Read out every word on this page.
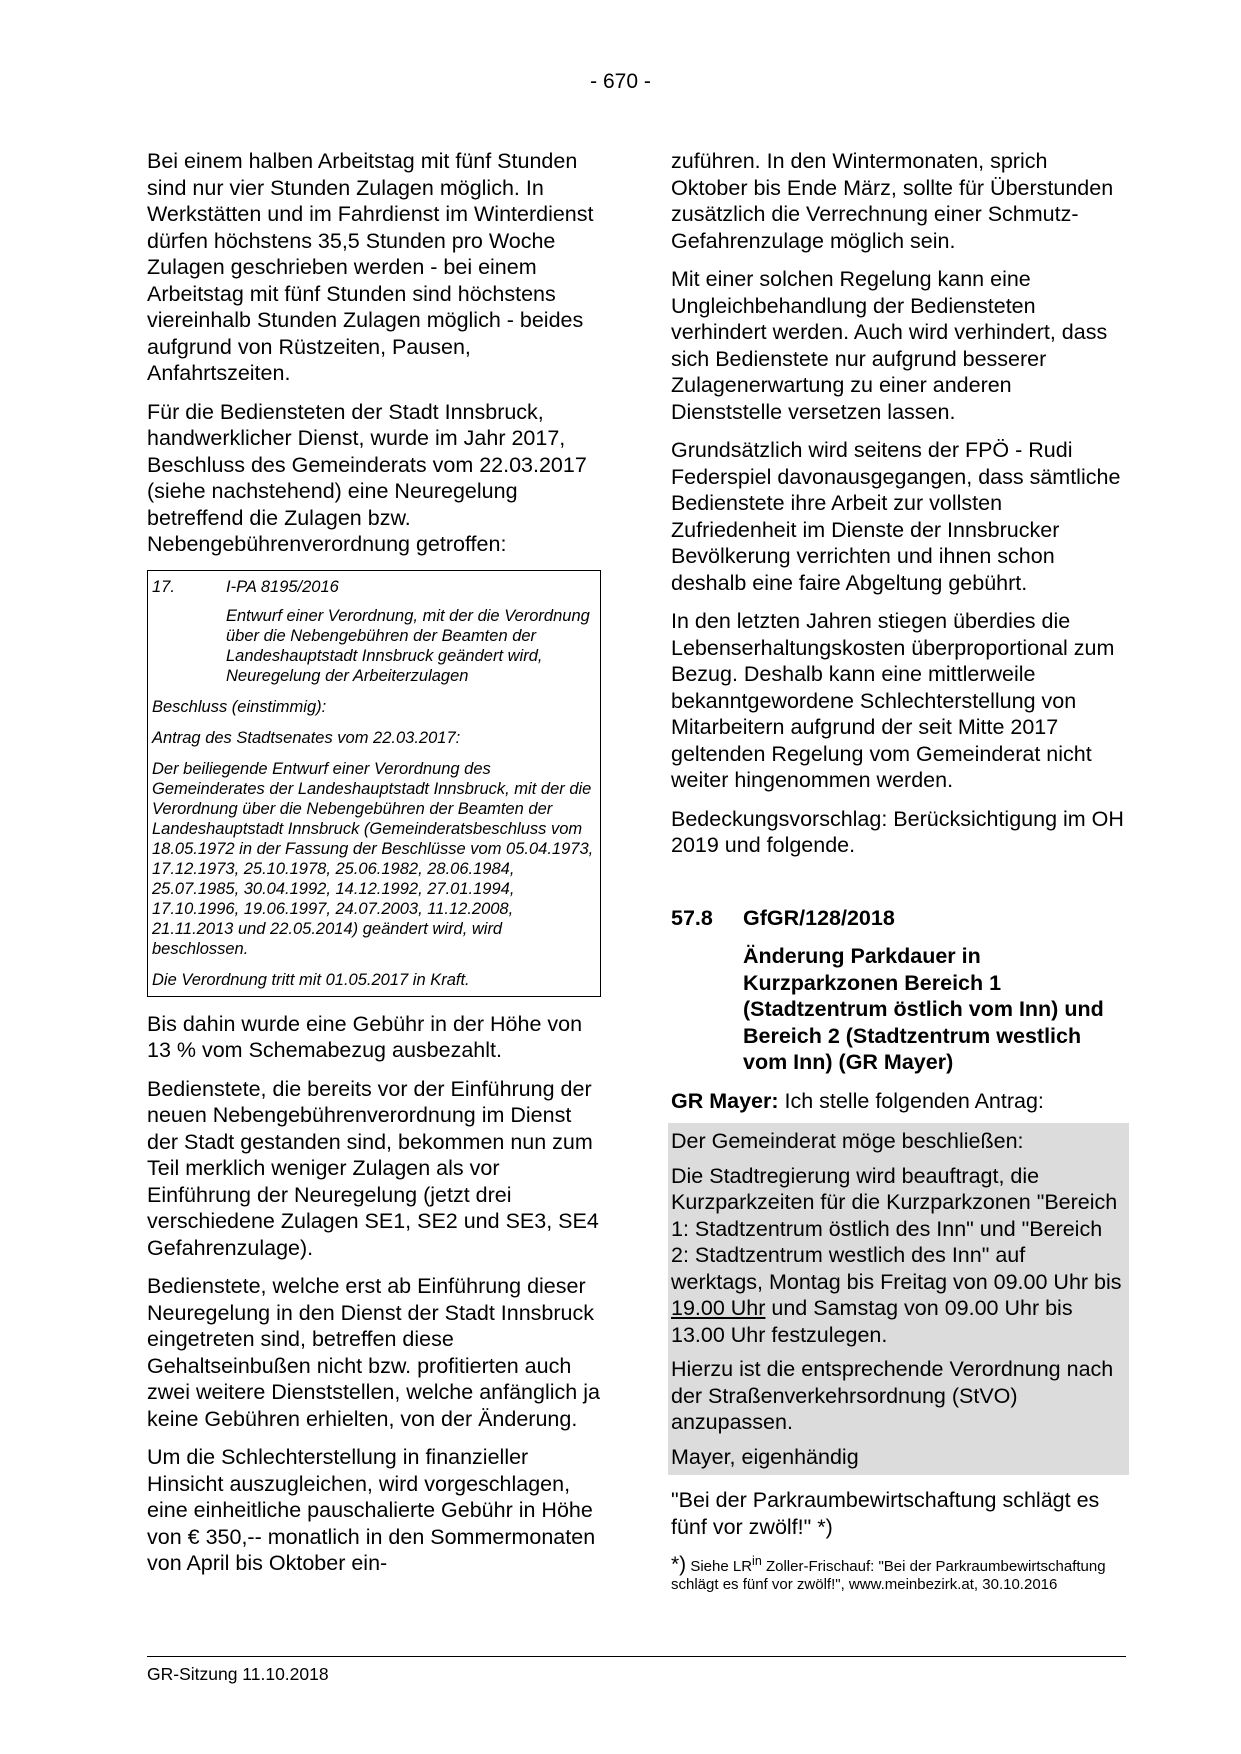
- 670 -

Bei einem halben Arbeitstag mit fünf Stunden sind nur vier Stunden Zulagen möglich. In Werkstätten und im Fahrdienst im Winterdienst dürfen höchstens 35,5 Stunden pro Woche Zulagen geschrieben werden - bei einem Arbeitstag mit fünf Stunden sind höchstens viereinhalb Stunden Zulagen möglich - beides aufgrund von Rüstzeiten, Pausen, Anfahrtszeiten.

Für die Bediensteten der Stadt Innsbruck, handwerklicher Dienst, wurde im Jahr 2017, Beschluss des Gemeinderats vom 22.03.2017 (siehe nachstehend) eine Neuregelung betreffend die Zulagen bzw. Nebengebührenverordnung getroffen:

17.	I-PA 8195/2016

Entwurf einer Verordnung, mit der die Verordnung über die Nebengebühren der Beamten der Landeshauptstadt Innsbruck geändert wird, Neuregelung der Arbeiterzulagen

Beschluss (einstimmig):

Antrag des Stadtsenates vom 22.03.2017:

Der beiliegende Entwurf einer Verordnung des Gemeinderates der Landeshauptstadt Innsbruck, mit der die Verordnung über die Nebengebühren der Beamten der Landeshauptstadt Innsbruck (Gemeinderatsbeschluss vom 18.05.1972 in der Fassung der Beschlüsse vom 05.04.1973, 17.12.1973, 25.10.1978, 25.06.1982, 28.06.1984, 25.07.1985, 30.04.1992, 14.12.1992, 27.01.1994, 17.10.1996, 19.06.1997, 24.07.2003, 11.12.2008, 21.11.2013 und 22.05.2014) geändert wird, wird beschlossen.

Die Verordnung tritt mit 01.05.2017 in Kraft.

Bis dahin wurde eine Gebühr in der Höhe von 13 % vom Schemabezug ausbezahlt.

Bedienstete, die bereits vor der Einführung der neuen Nebengebührenverordnung im Dienst der Stadt gestanden sind, bekommen nun zum Teil merklich weniger Zulagen als vor Einführung der Neuregelung (jetzt drei verschiedene Zulagen SE1, SE2 und SE3, SE4 Gefahrenzulage).

Bedienstete, welche erst ab Einführung dieser Neuregelung in den Dienst der Stadt Innsbruck eingetreten sind, betreffen diese Gehaltseinbußen nicht bzw. profitierten auch zwei weitere Dienststellen, welche anfänglich ja keine Gebühren erhielten, von der Änderung.

Um die Schlechterstellung in finanzieller Hinsicht auszugleichen, wird vorgeschlagen, eine einheitliche pauschalierte Gebühr in Höhe von € 350,-- monatlich in den Sommermonaten von April bis Oktober ein-

zuführen. In den Wintermonaten, sprich Oktober bis Ende März, sollte für Überstunden zusätzlich die Verrechnung einer Schmutz-Gefahrenzulage möglich sein.

Mit einer solchen Regelung kann eine Ungleichbehandlung der Bediensteten verhindert werden. Auch wird verhindert, dass sich Bedienstete nur aufgrund besserer Zulagenerwartung zu einer anderen Dienststelle versetzen lassen.

Grundsätzlich wird seitens der FPÖ - Rudi Federspiel davonausgegangen, dass sämtliche Bedienstete ihre Arbeit zur vollsten Zufriedenheit im Dienste der Innsbrucker Bevölkerung verrichten und ihnen schon deshalb eine faire Abgeltung gebührt.

In den letzten Jahren stiegen überdies die Lebenserhaltungskosten überproportional zum Bezug. Deshalb kann eine mittlerweile bekanntgewordene Schlechterstellung von Mitarbeitern aufgrund der seit Mitte 2017 geltenden Regelung vom Gemeinderat nicht weiter hingenommen werden.

Bedeckungsvorschlag: Berücksichtigung im OH 2019 und folgende.

57.8	GfGR/128/2018
Änderung Parkdauer in Kurzparkzonen Bereich 1 (Stadtzentrum östlich vom Inn) und Bereich 2 (Stadtzentrum westlich vom Inn) (GR Mayer)

GR Mayer: Ich stelle folgenden Antrag:

Der Gemeinderat möge beschließen:

Die Stadtregierung wird beauftragt, die Kurzparkzeiten für die Kurzparkzonen "Bereich 1: Stadtzentrum östlich des Inn" und "Bereich 2: Stadtzentrum westlich des Inn" auf werktags, Montag bis Freitag von 09.00 Uhr bis 19.00 Uhr und Samstag von 09.00 Uhr bis 13.00 Uhr festzulegen.

Hierzu ist die entsprechende Verordnung nach der Straßenverkehrsordnung (StVO) anzupassen.

Mayer, eigenhändig

"Bei der Parkraumbewirtschaftung schlägt es fünf vor zwölf!" *)

*) Siehe $LR^{in}$ Zoller-Frischauf: "Bei der Parkraumbewirtschaftung schlägt es fünf vor zwölf!", www.meinbezirk.at, 30.10.2016
GR-Sitzung 11.10.2018
